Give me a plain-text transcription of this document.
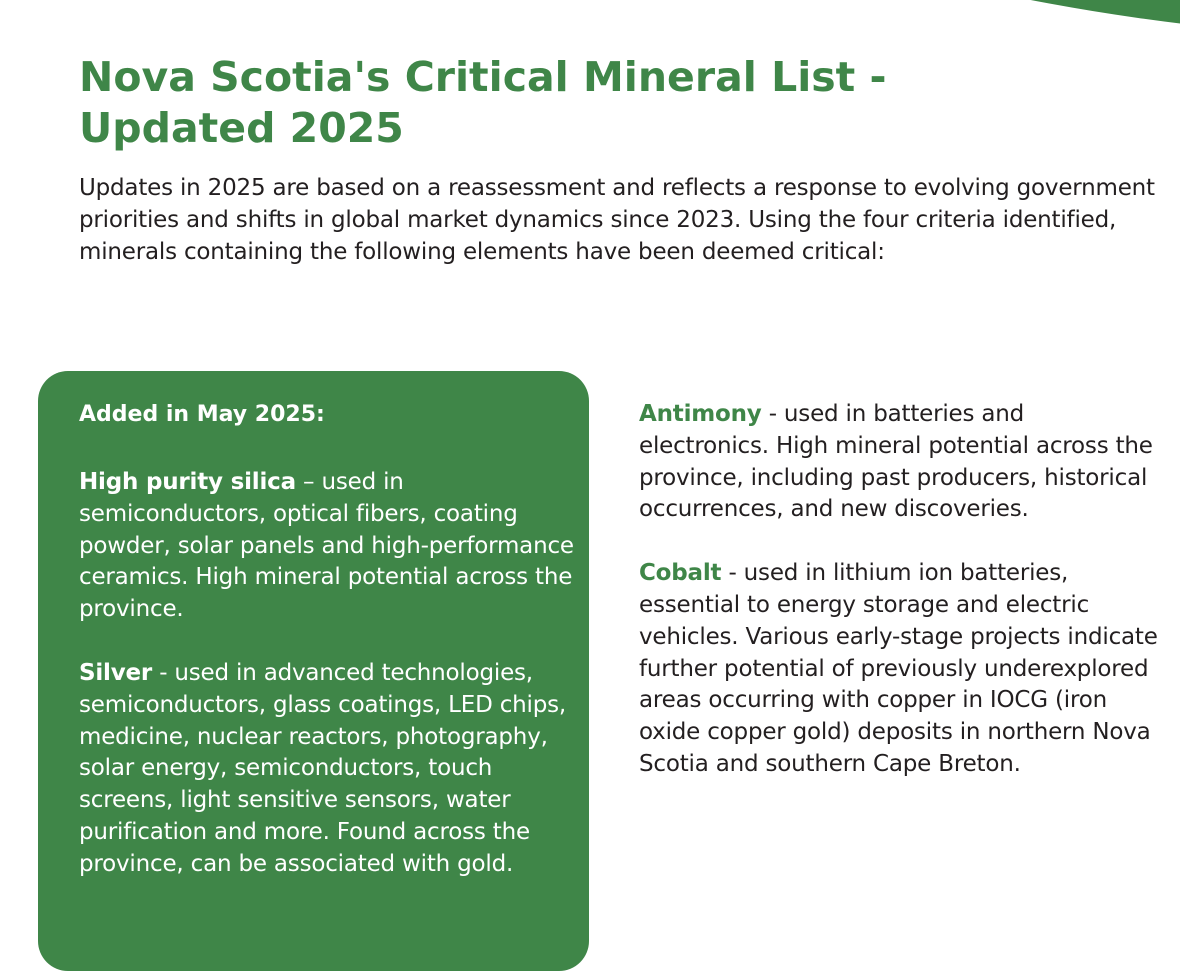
Nova Scotia's Critical Mineral List - Updated 2025

Updates in 2025 are based on a reassessment and reflects a response to evolving government priorities and shifts in global market dynamics since 2023. Using the four criteria identified, minerals containing the following elements have been deemed critical:

Added in May 2025:

High purity silica – used in semiconductors, optical fibers, coating powder, solar panels and high-performance ceramics. High mineral potential across the province.

Silver - used in advanced technologies, semiconductors, glass coatings, LED chips, medicine, nuclear reactors, photography, solar energy, semiconductors, touch screens, light sensitive sensors, water purification and more. Found across the province, can be associated with gold.

Antimony - used in batteries and electronics. High mineral potential across the province, including past producers, historical occurrences, and new discoveries.

Cobalt - used in lithium ion batteries, essential to energy storage and electric vehicles. Various early-stage projects indicate further potential of previously underexplored areas occurring with copper in IOCG (iron oxide copper gold) deposits in northern Nova Scotia and southern Cape Breton.
